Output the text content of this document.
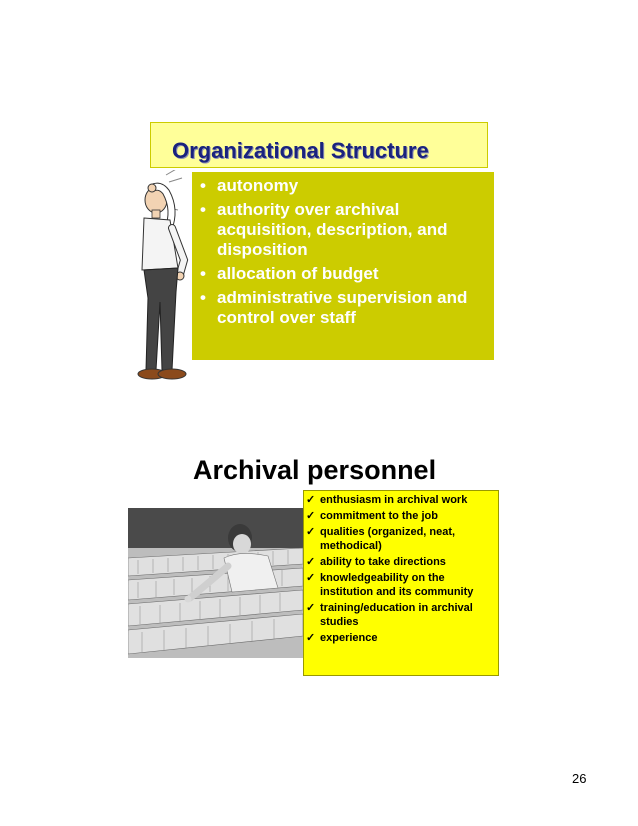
Organizational Structure
• autonomy
• authority over archival acquisition, description, and disposition
• allocation of budget
• administrative supervision and control over staff
Archival personnel
✓ enthusiasm in archival work
✓ commitment to the job
✓ qualities (organized, neat, methodical)
✓ ability to take directions
✓ knowledgeability on the institution and its community
✓ training/education in archival studies
✓ experience
26
